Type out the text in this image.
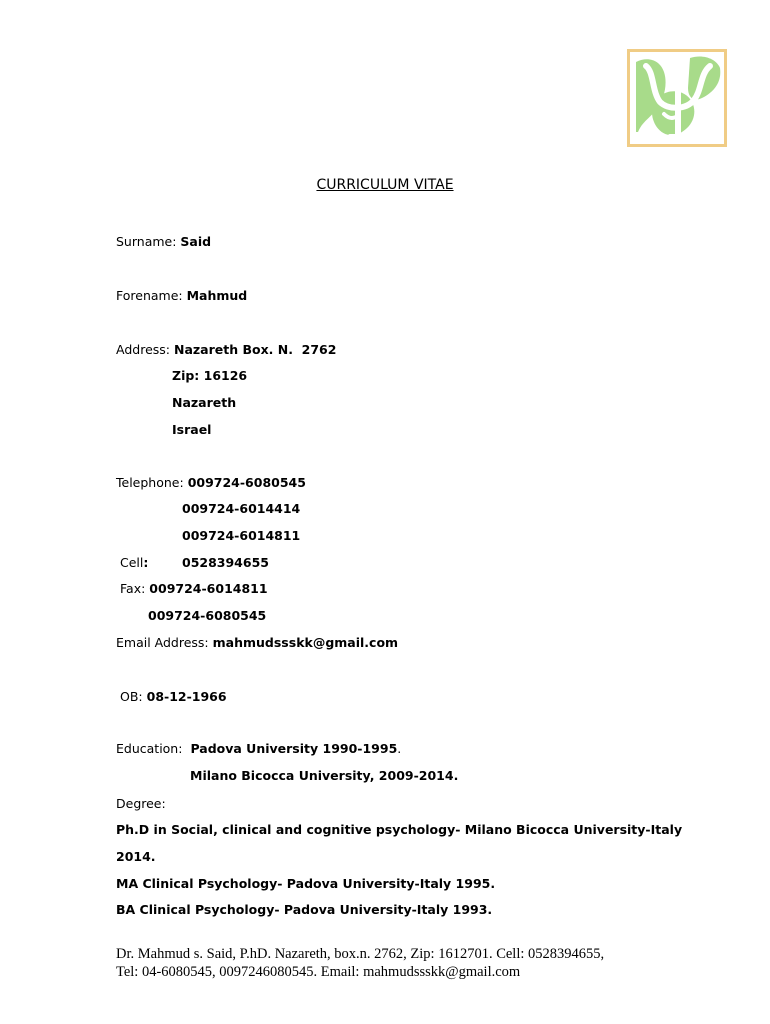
CURRICULUM VITAE
Surname: Said
Forename: Mahmud
Address: Nazareth Box. N.  2762
Zip: 16126
Nazareth
Israel
Telephone: 009724-6080545
009724-6014414
009724-6014811
Cell:	0528394655
Fax: 009724-6014811
009724-6080545
Email Address: mahmudssskk@gmail.com
OB: 08-12-1966
Education: Padova University 1990-1995.
Milano Bicocca University, 2009-2014.
Degree:
Ph.D in Social, clinical and cognitive psychology- Milano Bicocca University-Italy
2014.
MA Clinical Psychology- Padova University-Italy 1995.
BA Clinical Psychology- Padova University-Italy 1993.
Dr. Mahmud s. Said, P.hD. Nazareth, box.n. 2762, Zip: 1612701. Cell: 0528394655,
Tel: 04-6080545, 0097246080545. Email: mahmudssskk@gmail.com
